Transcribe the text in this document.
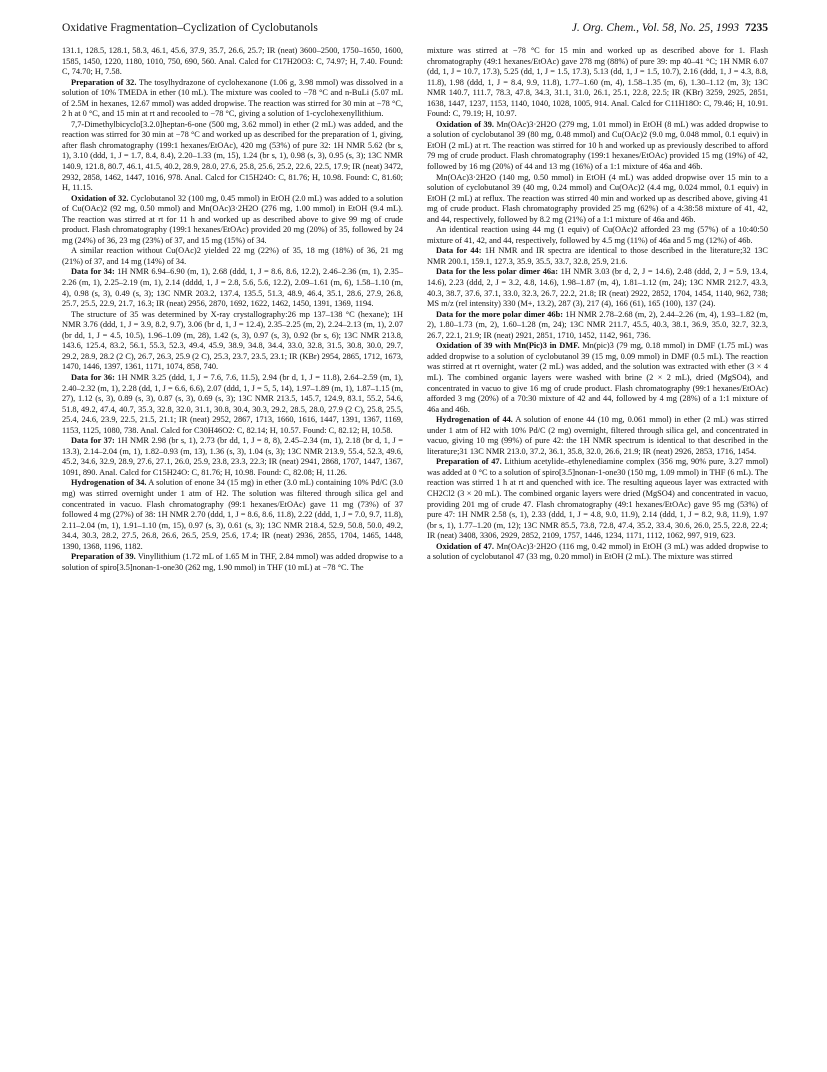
Oxidative Fragmentation–Cyclization of Cyclobutanols	J. Org. Chem., Vol. 58, No. 25, 1993 7235

131.1, 128.5, 128.1, 58.3, 46.1, 45.6, 37.9, 35.7, 26.6, 25.7; IR (neat) 3600–2500, 1750–1650, 1600, 1585, 1450, 1220, 1180, 1010, 750, 690, 560. Anal. Calcd for C17H20O3: C, 74.97; H, 7.40. Found: C, 74.70; H, 7.58.

Preparation of 32. The tosylhydrazone of cyclohexanone (1.06 g, 3.98 mmol) was dissolved in a solution of 10% TMEDA in ether (10 mL). The mixture was cooled to −78 °C and n-BuLi (5.07 mL of 2.5M in hexanes, 12.67 mmol) was added dropwise. The reaction was stirred for 30 min at −78 °C, 2 h at 0 °C, and 15 min at rt and recooled to −78 °C, giving a solution of 1-cyclohexenyllithium.

7,7-Dimethylbicyclo[3.2.0]heptan-6-one (500 mg, 3.62 mmol) in ether (2 mL) was added, and the reaction was stirred for 30 min at −78 °C and worked up as described for the preparation of 1, giving, after flash chromatography (199:1 hexanes/EtOAc), 420 mg (53%) of pure 32: 1H NMR 5.62 (br s, 1), 3.10 (ddd, 1, J = 1.7, 8.4, 8.4), 2.20–1.33 (m, 15), 1.24 (br s, 1), 0.98 (s, 3), 0.95 (s, 3); 13C NMR 140.9, 121.8, 80.7, 46.1, 41.5, 40.2, 28.9, 28.0, 27.6, 25.8, 25.6, 25.2, 22.6, 22.5, 17.9; IR (neat) 3472, 2932, 2858, 1462, 1447, 1016, 978. Anal. Calcd for C15H24O: C, 81.76; H, 10.98. Found: C, 81.60; H, 11.15.

Oxidation of 32. Cyclobutanol 32 (100 mg, 0.45 mmol) in EtOH (2.0 mL) was added to a solution of Cu(OAc)2 (92 mg, 0.50 mmol) and Mn(OAc)3·2H2O (276 mg, 1.00 mmol) in EtOH (9.4 mL). The reaction was stirred at rt for 11 h and worked up as described above to give 99 mg of crude product. Flash chromatography (199:1 hexanes/EtOAc) provided 20 mg (20%) of 35, followed by 24 mg (24%) of 36, 23 mg (23%) of 37, and 15 mg (15%) of 34.

A similar reaction without Cu(OAc)2 yielded 22 mg (22%) of 35, 18 mg (18%) of 36, 21 mg (21%) of 37, and 14 mg (14%) of 34.

Data for 34: 1H NMR 6.94–6.90 (m, 1), 2.68 (ddd, 1, J = 8.6, 8.6, 12.2), 2.46–2.36 (m, 1), 2.35–2.26 (m, 1), 2.25–2.19 (m, 1), 2.14 (dddd, 1, J = 2.8, 5.6, 5.6, 12.2), 2.09–1.61 (m, 6), 1.58–1.10 (m, 4), 0.98 (s, 3), 0.49 (s, 3); 13C NMR 203.2, 137.4, 135.5, 51.3, 48.9, 46.4, 35.1, 28.6, 27.9, 26.8, 25.7, 25.5, 22.9, 21.7, 16.3; IR (neat) 2956, 2870, 1692, 1622, 1462, 1450, 1391, 1369, 1194.

The structure of 35 was determined by X-ray crystallography:26 mp 137–138 °C (hexane); 1H NMR 3.76 (ddd, 1, J = 3.9, 8.2, 9.7), 3.06 (br d, 1, J = 12.4), 2.35–2.25 (m, 2), 2.24–2.13 (m, 1), 2.07 (br dd, 1, J = 4.5, 10.5), 1.96–1.09 (m, 28), 1.42 (s, 3), 0.97 (s, 3), 0.92 (br s, 6); 13C NMR 213.8, 143.6, 125.4, 83.2, 56.1, 55.3, 52.3, 49.4, 45.9, 38.9, 34.8, 34.4, 33.0, 32.8, 31.5, 30.8, 30.0, 29.7, 29.2, 28.9, 28.2 (2 C), 26.7, 26.3, 25.9 (2 C), 25.3, 23.7, 23.5, 23.1; IR (KBr) 2954, 2865, 1712, 1673, 1470, 1446, 1397, 1361, 1171, 1074, 858, 740.

Data for 36: 1H NMR 3.25 (ddd, 1, J = 7.6, 7.6, 11.5), 2.94 (br d, 1, J = 11.8), 2.64–2.59 (m, 1), 2.40–2.32 (m, 1), 2.28 (dd, 1, J = 6.6, 6.6), 2.07 (ddd, 1, J = 5, 5, 14), 1.97–1.89 (m, 1), 1.87–1.15 (m, 27), 1.12 (s, 3), 0.89 (s, 3), 0.87 (s, 3), 0.69 (s, 3); 13C NMR 213.5, 145.7, 124.9, 83.1, 55.2, 54.6, 51.8, 49.2, 47.4, 40.7, 35.3, 32.8, 32.0, 31.1, 30.8, 30.4, 30.3, 29.2, 28.5, 28.0, 27.9 (2 C), 25.8, 25.5, 25.4, 24.6, 23.9, 22.5, 21.5, 21.1; IR (neat) 2952, 2867, 1713, 1660, 1616, 1447, 1391, 1367, 1169, 1153, 1125, 1080, 738. Anal. Calcd for C30H46O2: C, 82.14; H, 10.57. Found: C, 82.12; H, 10.58.

Data for 37: 1H NMR 2.98 (br s, 1), 2.73 (br dd, 1, J = 8, 8), 2.45–2.34 (m, 1), 2.18 (br d, 1, J = 13.3), 2.14–2.04 (m, 1), 1.82–0.93 (m, 13), 1.36 (s, 3), 1.04 (s, 3); 13C NMR 213.9, 55.4, 52.3, 49.6, 45.2, 34.6, 32.9, 28.9, 27.6, 27.1, 26.0, 25.9, 23.8, 23.3, 22.3; IR (neat) 2941, 2868, 1707, 1447, 1367, 1091, 890. Anal. Calcd for C15H24O: C, 81.76; H, 10.98. Found: C, 82.08; H, 11.26.

Hydrogenation of 34. A solution of enone 34 (15 mg) in ether (3.0 mL) containing 10% Pd/C (3.0 mg) was stirred overnight under 1 atm of H2. The solution was filtered through silica gel and concentrated in vacuo. Flash chromatography (99:1 hexanes/EtOAc) gave 11 mg (73%) of 37 followed 4 mg (27%) of 38: 1H NMR 2.70 (ddd, 1, J = 8.6, 8.6, 11.8), 2.22 (ddd, 1, J = 7.0, 9.7, 11.8), 2.11–2.04 (m, 1), 1.91–1.10 (m, 15), 0.97 (s, 3), 0.61 (s, 3); 13C NMR 218.4, 52.9, 50.8, 50.0, 49.2, 34.4, 30.3, 28.2, 27.5, 26.8, 26.6, 26.5, 25.9, 25.6, 17.4; IR (neat) 2936, 2855, 1704, 1465, 1448, 1390, 1368, 1196, 1182.

Preparation of 39. Vinyllithium (1.72 mL of 1.65 M in THF, 2.84 mmol) was added dropwise to a solution of spiro[3.5]nonan-1-one30 (262 mg, 1.90 mmol) in THF (10 mL) at −78 °C. The

mixture was stirred at −78 °C for 15 min and worked up as described above for 1. Flash chromatography (49:1 hexanes/EtOAc) gave 278 mg (88%) of pure 39: mp 40–41 °C; 1H NMR 6.07 (dd, 1, J = 10.7, 17.3), 5.25 (dd, 1, J = 1.5, 17.3), 5.13 (dd, 1, J = 1.5, 10.7), 2.16 (ddd, 1, J = 4.3, 8.8, 11.8), 1.98 (ddd, 1, J = 8.4, 9.9, 11.8), 1.77–1.60 (m, 4), 1.58–1.35 (m, 6), 1.30–1.12 (m, 3); 13C NMR 140.7, 111.7, 78.3, 47.8, 34.3, 31.1, 31.0, 26.1, 25.1, 22.8, 22.5; IR (KBr) 3259, 2925, 2851, 1638, 1447, 1237, 1153, 1140, 1040, 1028, 1005, 914. Anal. Calcd for C11H18O: C, 79.46; H, 10.91. Found: C, 79.19; H, 10.97.

Oxidation of 39. Mn(OAc)3·2H2O (279 mg, 1.01 mmol) in EtOH (8 mL) was added dropwise to a solution of cyclobutanol 39 (80 mg, 0.48 mmol) and Cu(OAc)2 (9.0 mg, 0.048 mmol, 0.1 equiv) in EtOH (2 mL) at rt. The reaction was stirred for 10 h and worked up as previously described to afford 79 mg of crude product. Flash chromatography (199:1 hexanes/EtOAc) provided 15 mg (19%) of 42, followed by 16 mg (20%) of 44 and 13 mg (16%) of a 1:1 mixture of 46a and 46b.

Mn(OAc)3·2H2O (140 mg, 0.50 mmol) in EtOH (4 mL) was added dropwise over 15 min to a solution of cyclobutanol 39 (40 mg, 0.24 mmol) and Cu(OAc)2 (4.4 mg, 0.024 mmol, 0.1 equiv) in EtOH (2 mL) at reflux. The reaction was stirred 40 min and worked up as described above, giving 41 mg of crude product. Flash chromatography provided 25 mg (62%) of a 4:38:58 mixture of 41, 42, and 44, respectively, followed by 8.2 mg (21%) of a 1:1 mixture of 46a and 46b.

An identical reaction using 44 mg (1 equiv) of Cu(OAc)2 afforded 23 mg (57%) of a 10:40:50 mixture of 41, 42, and 44, respectively, followed by 4.5 mg (11%) of 46a and 5 mg (12%) of 46b.

Data for 44: 1H NMR and IR spectra are identical to those described in the literature;32 13C NMR 200.1, 159.1, 127.3, 35.9, 35.5, 33.7, 32.8, 25.9, 21.6.

Data for the less polar dimer 46a: 1H NMR 3.03 (br d, 2, J = 14.6), 2.48 (ddd, 2, J = 5.9, 13.4, 14.6), 2.23 (ddd, 2, J = 3.2, 4.8, 14.6), 1.98–1.87 (m, 4), 1.81–1.12 (m, 24); 13C NMR 212.7, 43.3, 40.3, 38.7, 37.6, 37.1, 33.0, 32.3, 26.7, 22.2, 21.8; IR (neat) 2922, 2852, 1704, 1454, 1140, 962, 738; MS m/z (rel intensity) 330 (M+, 13.2), 287 (3), 217 (4), 166 (61), 165 (100), 137 (24).

Data for the more polar dimer 46b: 1H NMR 2.78–2.68 (m, 2), 2.44–2.26 (m, 4), 1.93–1.82 (m, 2), 1.80–1.73 (m, 2), 1.60–1.28 (m, 24); 13C NMR 211.7, 45.5, 40.3, 38.1, 36.9, 35.0, 32.7, 32.3, 26.7, 22.1, 21.9; IR (neat) 2921, 2851, 1710, 1452, 1142, 961, 736.

Oxidation of 39 with Mn(Pic)3 in DMF. Mn(pic)3 (79 mg, 0.18 mmol) in DMF (1.75 mL) was added dropwise to a solution of cyclobutanol 39 (15 mg, 0.09 mmol) in DMF (0.5 mL). The reaction was stirred at rt overnight, water (2 mL) was added, and the solution was extracted with ether (3 × 4 mL). The combined organic layers were washed with brine (2 × 2 mL), dried (MgSO4), and concentrated in vacuo to give 16 mg of crude product. Flash chromatography (99:1 hexanes/EtOAc) afforded 3 mg (20%) of a 70:30 mixture of 42 and 44, followed by 4 mg (28%) of a 1:1 mixture of 46a and 46b.

Hydrogenation of 44. A solution of enone 44 (10 mg, 0.061 mmol) in ether (2 mL) was stirred under 1 atm of H2 with 10% Pd/C (2 mg) overnight, filtered through silica gel, and concentrated in vacuo, giving 10 mg (99%) of pure 42: the 1H NMR spectrum is identical to that described in the literature;31 13C NMR 213.0, 37.2, 36.1, 35.8, 32.0, 26.6, 21.9; IR (neat) 2926, 2853, 1716, 1454.

Preparation of 47. Lithium acetylide–ethylenediamine complex (356 mg, 90% pure, 3.27 mmol) was added at 0 °C to a solution of spiro[3.5]nonan-1-one30 (150 mg, 1.09 mmol) in THF (6 mL). The reaction was stirred 1 h at rt and quenched with ice. The resulting aqueous layer was extracted with CH2Cl2 (3 × 20 mL). The combined organic layers were dried (MgSO4) and concentrated in vacuo, providing 201 mg of crude 47. Flash chromatography (49:1 hexanes/EtOAc) gave 95 mg (53%) of pure 47: 1H NMR 2.58 (s, 1), 2.33 (ddd, 1, J = 4.8, 9.0, 11.9), 2.14 (ddd, 1, J = 8.2, 9.8, 11.9), 1.97 (br s, 1), 1.77–1.20 (m, 12); 13C NMR 85.5, 73.8, 72.8, 47.4, 35.2, 33.4, 30.6, 26.0, 25.5, 22.8, 22.4; IR (neat) 3408, 3306, 2929, 2852, 2109, 1757, 1446, 1234, 1171, 1112, 1062, 997, 919, 623.

Oxidation of 47. Mn(OAc)3·2H2O (116 mg, 0.42 mmol) in EtOH (3 mL) was added dropwise to a solution of cyclobutanol 47 (33 mg, 0.20 mmol) in EtOH (2 mL). The mixture was stirred
